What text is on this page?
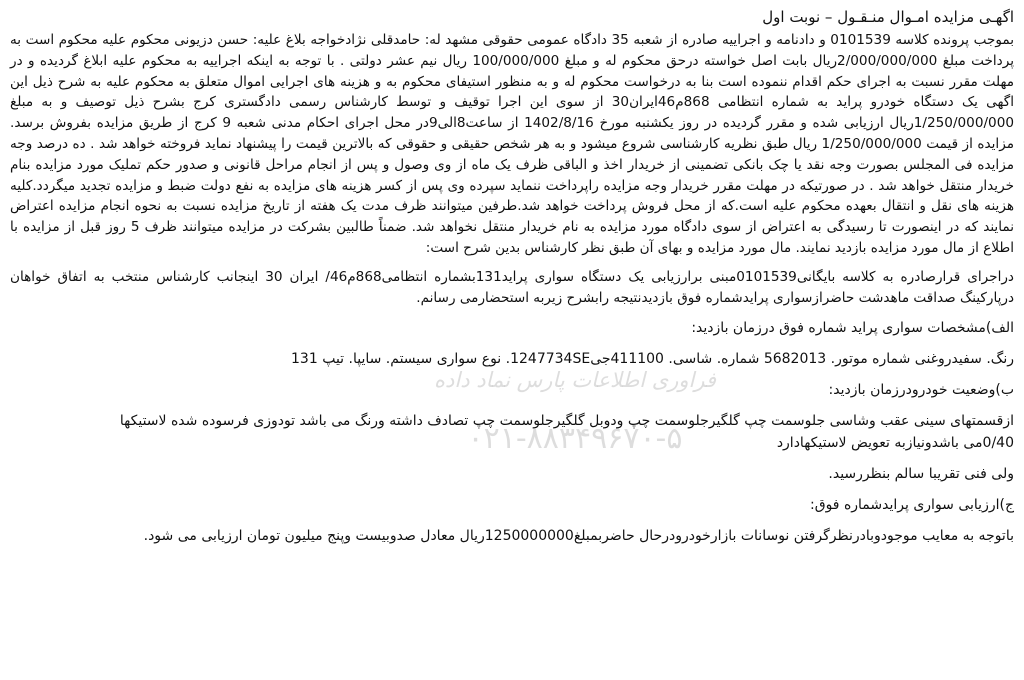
اگهـی مزایده امـوال منـقـول – نوبت اول

بموجب پرونده کلاسه 0101539 و دادنامه و اجراییه صادره از شعبه 35 دادگاه عمومی حقوقی مشهد له: حامدقلی نژادخواجه بلاغ علیه: حسن دزیونی محکوم علیه محکوم است به پرداخت مبلغ 2/000/000/000ریال بابت اصل خواسته درحق محکوم له و مبلغ 100/000/000 ریال نیم عشر دولتی . با توجه به اینکه اجراییه به محکوم علیه ابلاغ گردیده و در مهلت مقرر نسبت به اجرای حکم اقدام ننموده است بنا به درخواست محکوم له و به منظور استیفای محکوم به و هزینه های اجرایی اموال متعلق به محکوم علیه به شرح ذیل این اگهی یک دستگاه خودرو پراید به شماره انتظامی 868م46ایران30 از سوی این اجرا توقیف و توسط کارشناس رسمی دادگستری کرج بشرح ذیل توصیف و به مبلغ 1/250/000/000ریال ارزیابی شده و مقرر گردیده در روز یکشنبه مورخ 1402/8/16 از ساعت8الی9در محل اجرای احکام مدنی شعبه 9 کرج از طریق مزایده بفروش برسد. مزایده از قیمت 1/250/000/000 ریال طبق نظریه کارشناسی شروع میشود و به هر شخص حقیقی و حقوقی که بالاترین قیمت را پیشنهاد نماید فروخته خواهد شد . ده درصد وجه مزایده فی المجلس بصورت وجه نقد یا چک بانکی تضمینی از خریدار اخذ و الباقی ظرف یک ماه از وی وصول و پس از انجام مراحل قانونی و صدور حکم تملیک مورد مزایده بنام خریدار منتقل خواهد شد . در صورتیکه در مهلت مقرر خریدار وجه مزایده راپرداخت ننماید سپرده وی پس از کسر هزینه های مزایده به نفع دولت ضبط و مزایده تجدید میگردد.کلیه هزینه های نقل و انتقال بعهده محکوم علیه است.که از محل فروش پرداخت خواهد شد.طرفین میتوانند ظرف مدت یک هفته از تاریخ مزایده نسبت به نحوه انجام مزایده اعتراض نمایند که در اینصورت تا رسیدگی به اعتراض از سوی دادگاه مورد مزایده به نام خریدار منتقل نخواهد شد. ضمناً طالبین بشرکت در مزایده میتوانند ظرف 5 روز قبل از مزایده با اطلاع از مال مورد مزایده بازدید نمایند. مال مورد مزایده و بهای آن طبق نظر کارشناس بدین شرح است:

دراجرای قرارصادره به کلاسه بایگانی0101539مبنی برارزیابی یک دستگاه سواری پراید131بشماره انتظامی868م46/ ایران 30 اینجانب کارشناس منتخب به اتفاق خواهان درپارکینگ صداقت ماهدشت حاضرازسواری پرایدشماره فوق بازدیدنتیجه رابشرح زیربه استحضارمی رسانم.

الف)مشخصات سواری پراید شماره فوق درزمان بازدید:

رنگ. سفیدروغنی شماره موتور. 5682013 شماره. شاسی. 411100جی1247734SE. نوع سواری سیستم. سایپا. تیپ 131

ب)وضعیت خودرودرزمان بازدید:

ازقسمتهای سینی عقب وشاسی جلوسمت چپ گلگیرجلوسمت چپ ودوبل گلگیرجلوسمت چپ تصادف داشته ورنگ می باشد تودوزی فرسوده شده لاستیکها

0/40می باشدونیازبه تعویض لاستیکهادارد

ولی فنی تقریبا سالم بنظررسید.

ج)ارزیابی سواری پرایدشماره فوق:

باتوجه به معایب موجودوبادرنظرگرفتن نوسانات بازارخودرودرحال حاضربمبلغ1250000000ریال معادل صدوبیست وپنج میلیون تومان ارزیابی می شود.

فراوری اطلاعات پارس نماد داده
۰۲۱-۸۸۳۴۹۶۷۰-۵
